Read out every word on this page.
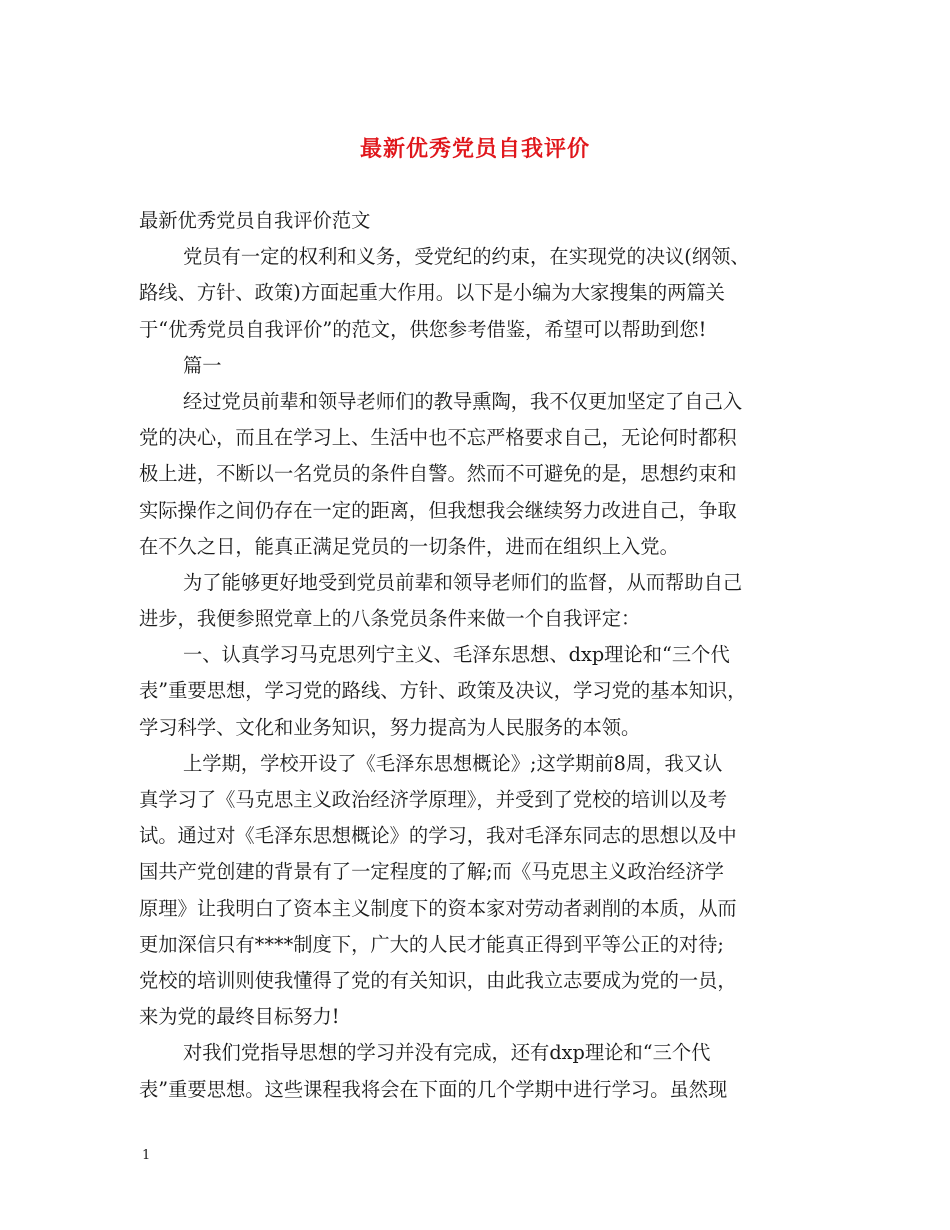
最新优秀党员自我评价
最新优秀党员自我评价范文
党员有一定的权利和义务，受党纪的约束，在实现党的决议(纲领、
路线、方针、政策)方面起重大作用。以下是小编为大家搜集的两篇关
于“优秀党员自我评价”的范文，供您参考借鉴，希望可以帮助到您!
篇一
经过党员前辈和领导老师们的教导熏陶，我不仅更加坚定了自己入
党的决心，而且在学习上、生活中也不忘严格要求自己，无论何时都积
极上进，不断以一名党员的条件自警。然而不可避免的是，思想约束和
实际操作之间仍存在一定的距离，但我想我会继续努力改进自己，争取
在不久之日，能真正满足党员的一切条件，进而在组织上入党。
为了能够更好地受到党员前辈和领导老师们的监督，从而帮助自己
进步，我便参照党章上的八条党员条件来做一个自我评定：
一、认真学习马克思列宁主义、毛泽东思想、dxp理论和“三个代
表”重要思想，学习党的路线、方针、政策及决议，学习党的基本知识，
学习科学、文化和业务知识，努力提高为人民服务的本领。
上学期，学校开设了《毛泽东思想概论》;这学期前8周，我又认
真学习了《马克思主义政治经济学原理》，并受到了党校的培训以及考
试。通过对《毛泽东思想概论》的学习，我对毛泽东同志的思想以及中
国共产党创建的背景有了一定程度的了解;而《马克思主义政治经济学
原理》让我明白了资本主义制度下的资本家对劳动者剥削的本质，从而
更加深信只有****制度下，广大的人民才能真正得到平等公正的对待;
党校的培训则使我懂得了党的有关知识，由此我立志要成为党的一员，
来为党的最终目标努力!
对我们党指导思想的学习并没有完成，还有dxp理论和“三个代
表”重要思想。这些课程我将会在下面的几个学期中进行学习。虽然现
1
